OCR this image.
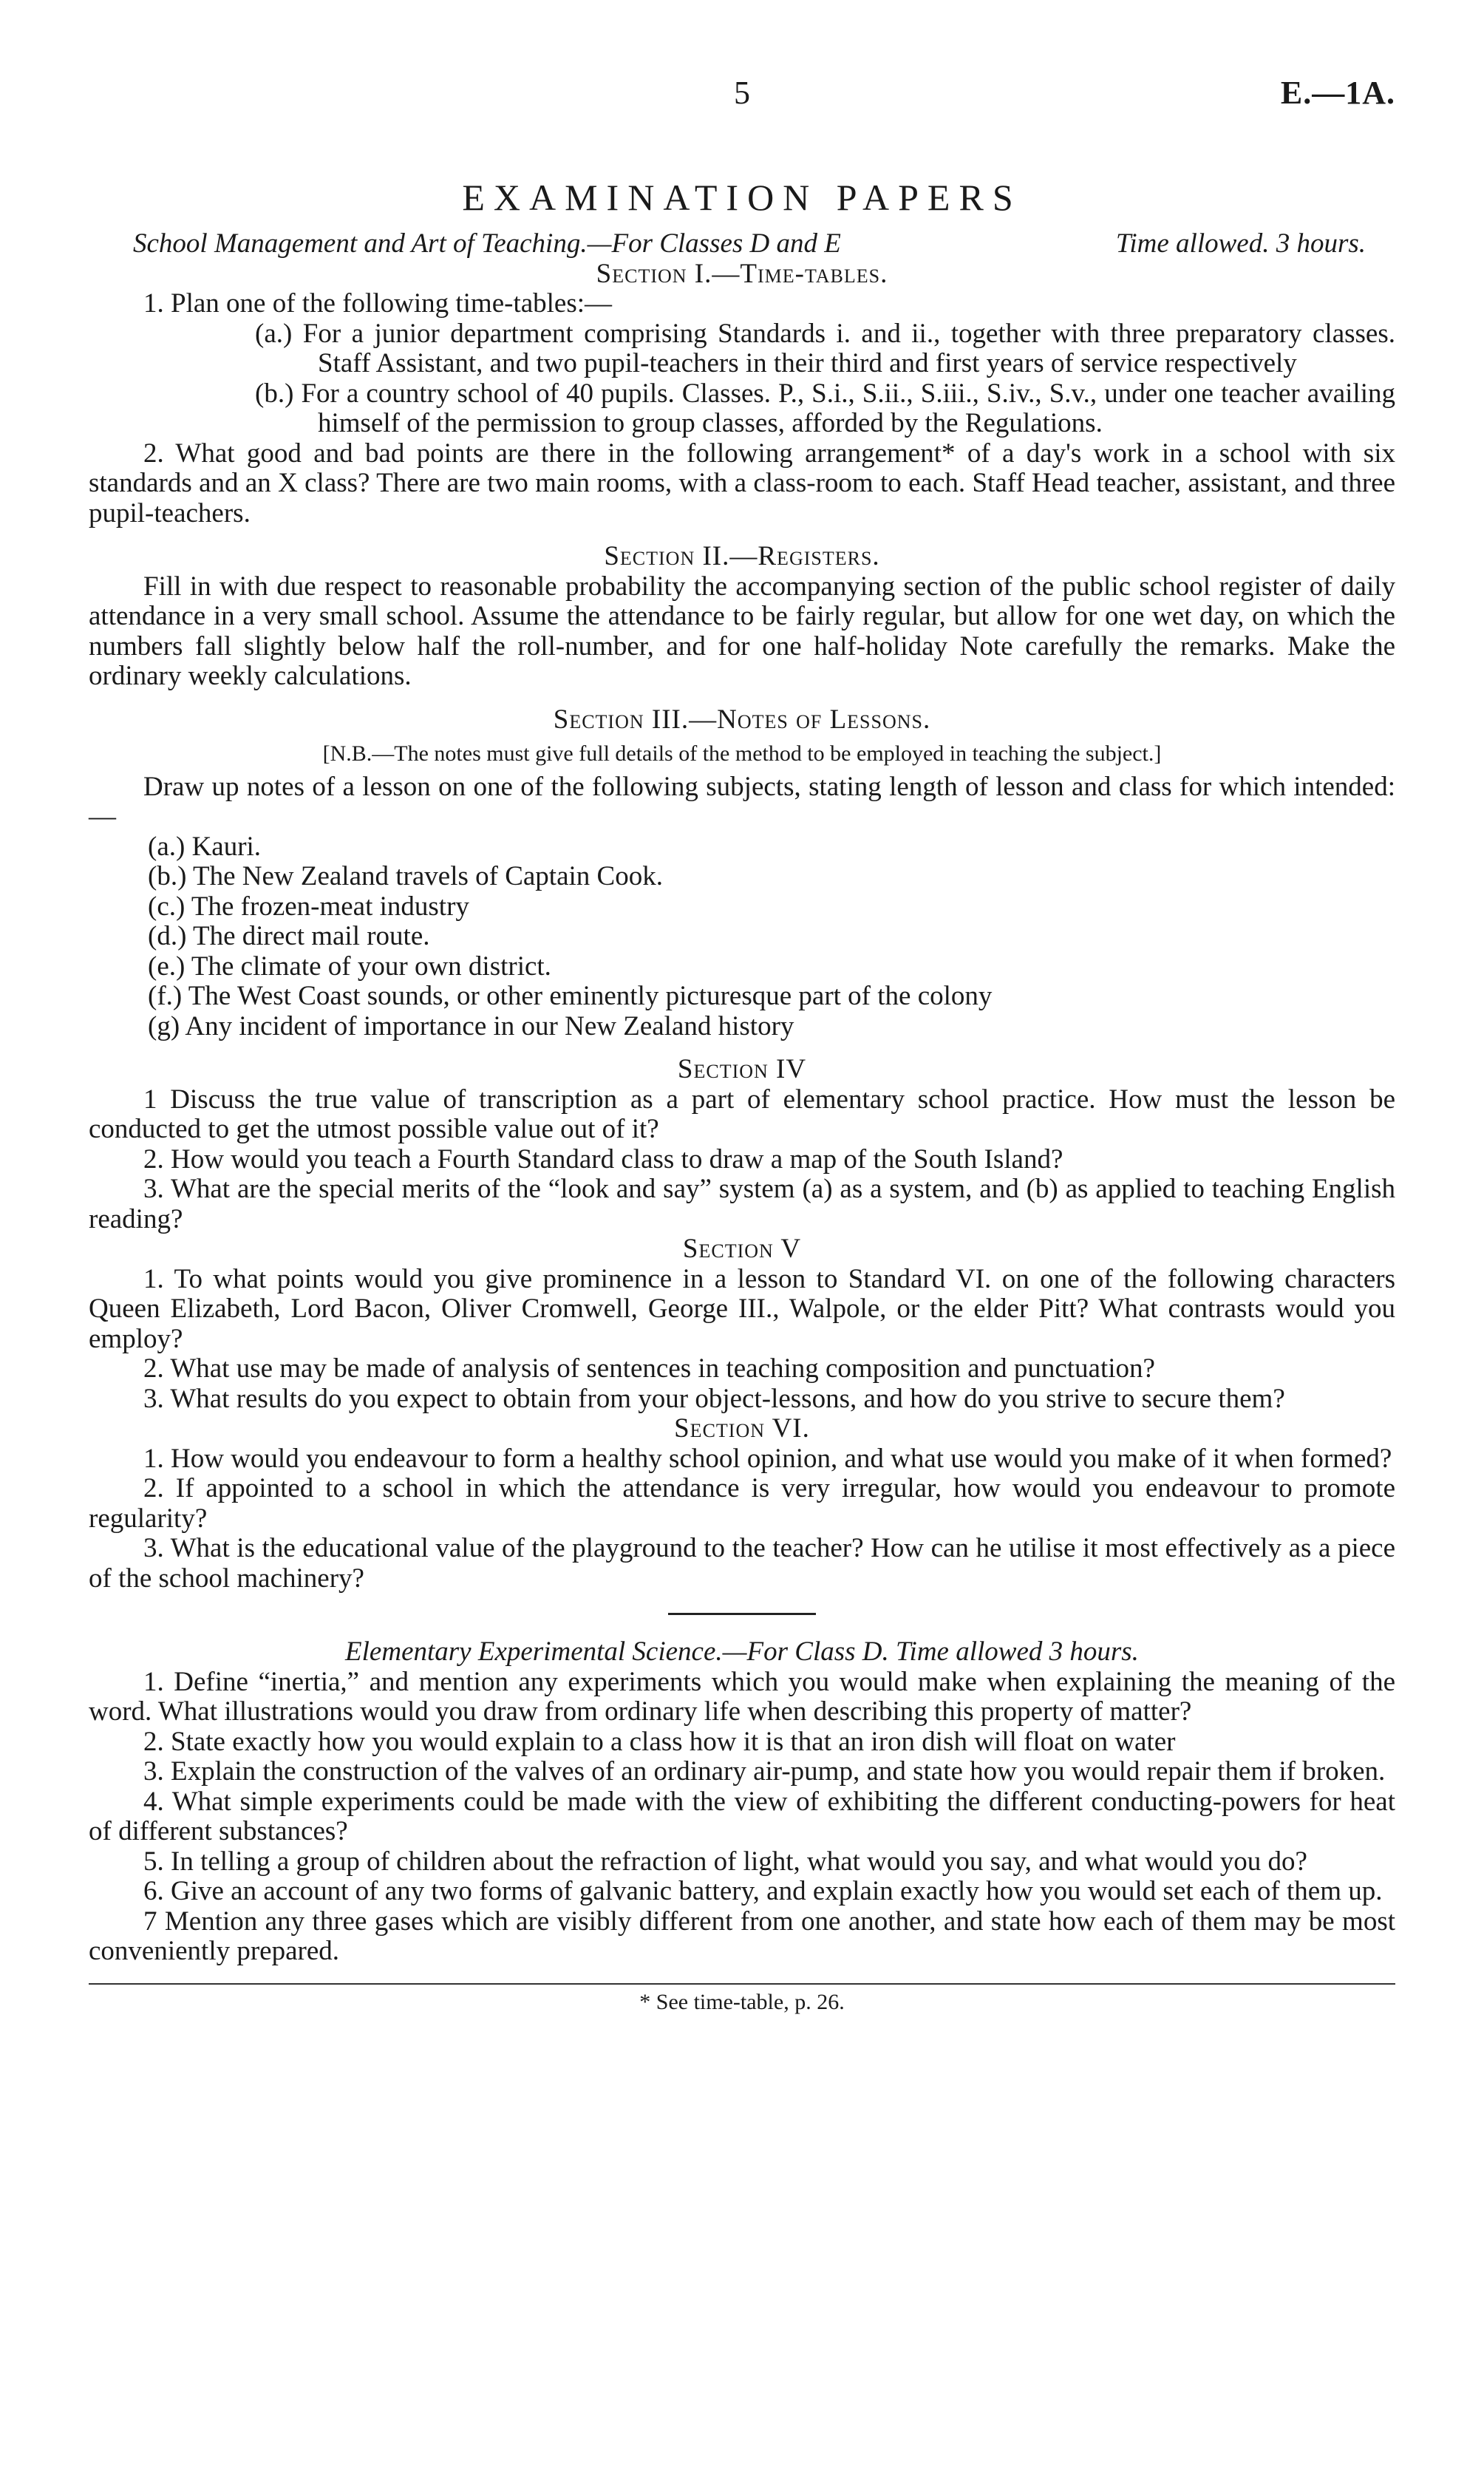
5	E.—1A.
EXAMINATION PAPERS
School Management and Art of Teaching.—For Classes D and E	Time allowed. 3 hours.
Section I.—Time-tables.
1. Plan one of the following time-tables:—
(a.) For a junior department comprising Standards i. and ii., together with three preparatory classes. Staff Assistant, and two pupil-teachers in their third and first years of service respectively
(b.) For a country school of 40 pupils. Classes. P., S.i., S.ii., S.iii., S.iv., S.v., under one teacher availing himself of the permission to group classes, afforded by the Regulations.
2. What good and bad points are there in the following arrangement* of a day's work in a school with six standards and an X class? There are two main rooms, with a class-room to each. Staff Head teacher, assistant, and three pupil-teachers.
Section II.—Registers.
Fill in with due respect to reasonable probability the accompanying section of the public school register of daily attendance in a very small school. Assume the attendance to be fairly regular, but allow for one wet day, on which the numbers fall slightly below half the roll-number, and for one half-holiday Note carefully the remarks. Make the ordinary weekly calculations.
Section III.—Notes of Lessons.
[N.B.—The notes must give full details of the method to be employed in teaching the subject.]
Draw up notes of a lesson on one of the following subjects, stating length of lesson and class for which intended:—
(a.) Kauri.
(b.) The New Zealand travels of Captain Cook.
(c.) The frozen-meat industry
(d.) The direct mail route.
(e.) The climate of your own district.
(f.) The West Coast sounds, or other eminently picturesque part of the colony
(g) Any incident of importance in our New Zealand history
Section IV
1 Discuss the true value of transcription as a part of elementary school practice. How must the lesson be conducted to get the utmost possible value out of it?
2. How would you teach a Fourth Standard class to draw a map of the South Island?
3. What are the special merits of the “look and say” system (a) as a system, and (b) as applied to teaching English reading?
Section V
1. To what points would you give prominence in a lesson to Standard VI. on one of the following characters Queen Elizabeth, Lord Bacon, Oliver Cromwell, George III., Walpole, or the elder Pitt? What contrasts would you employ?
2. What use may be made of analysis of sentences in teaching composition and punctuation?
3. What results do you expect to obtain from your object-lessons, and how do you strive to secure them?
Section VI.
1. How would you endeavour to form a healthy school opinion, and what use would you make of it when formed?
2. If appointed to a school in which the attendance is very irregular, how would you endeavour to promote regularity?
3. What is the educational value of the playground to the teacher? How can he utilise it most effectively as a piece of the school machinery?
Elementary Experimental Science.—For Class D. Time allowed 3 hours.
1. Define “inertia,” and mention any experiments which you would make when explaining the meaning of the word. What illustrations would you draw from ordinary life when describing this property of matter?
2. State exactly how you would explain to a class how it is that an iron dish will float on water
3. Explain the construction of the valves of an ordinary air-pump, and state how you would repair them if broken.
4. What simple experiments could be made with the view of exhibiting the different conducting-powers for heat of different substances?
5. In telling a group of children about the refraction of light, what would you say, and what would you do?
6. Give an account of any two forms of galvanic battery, and explain exactly how you would set each of them up.
7 Mention any three gases which are visibly different from one another, and state how each of them may be most conveniently prepared.
* See time-table, p. 26.
